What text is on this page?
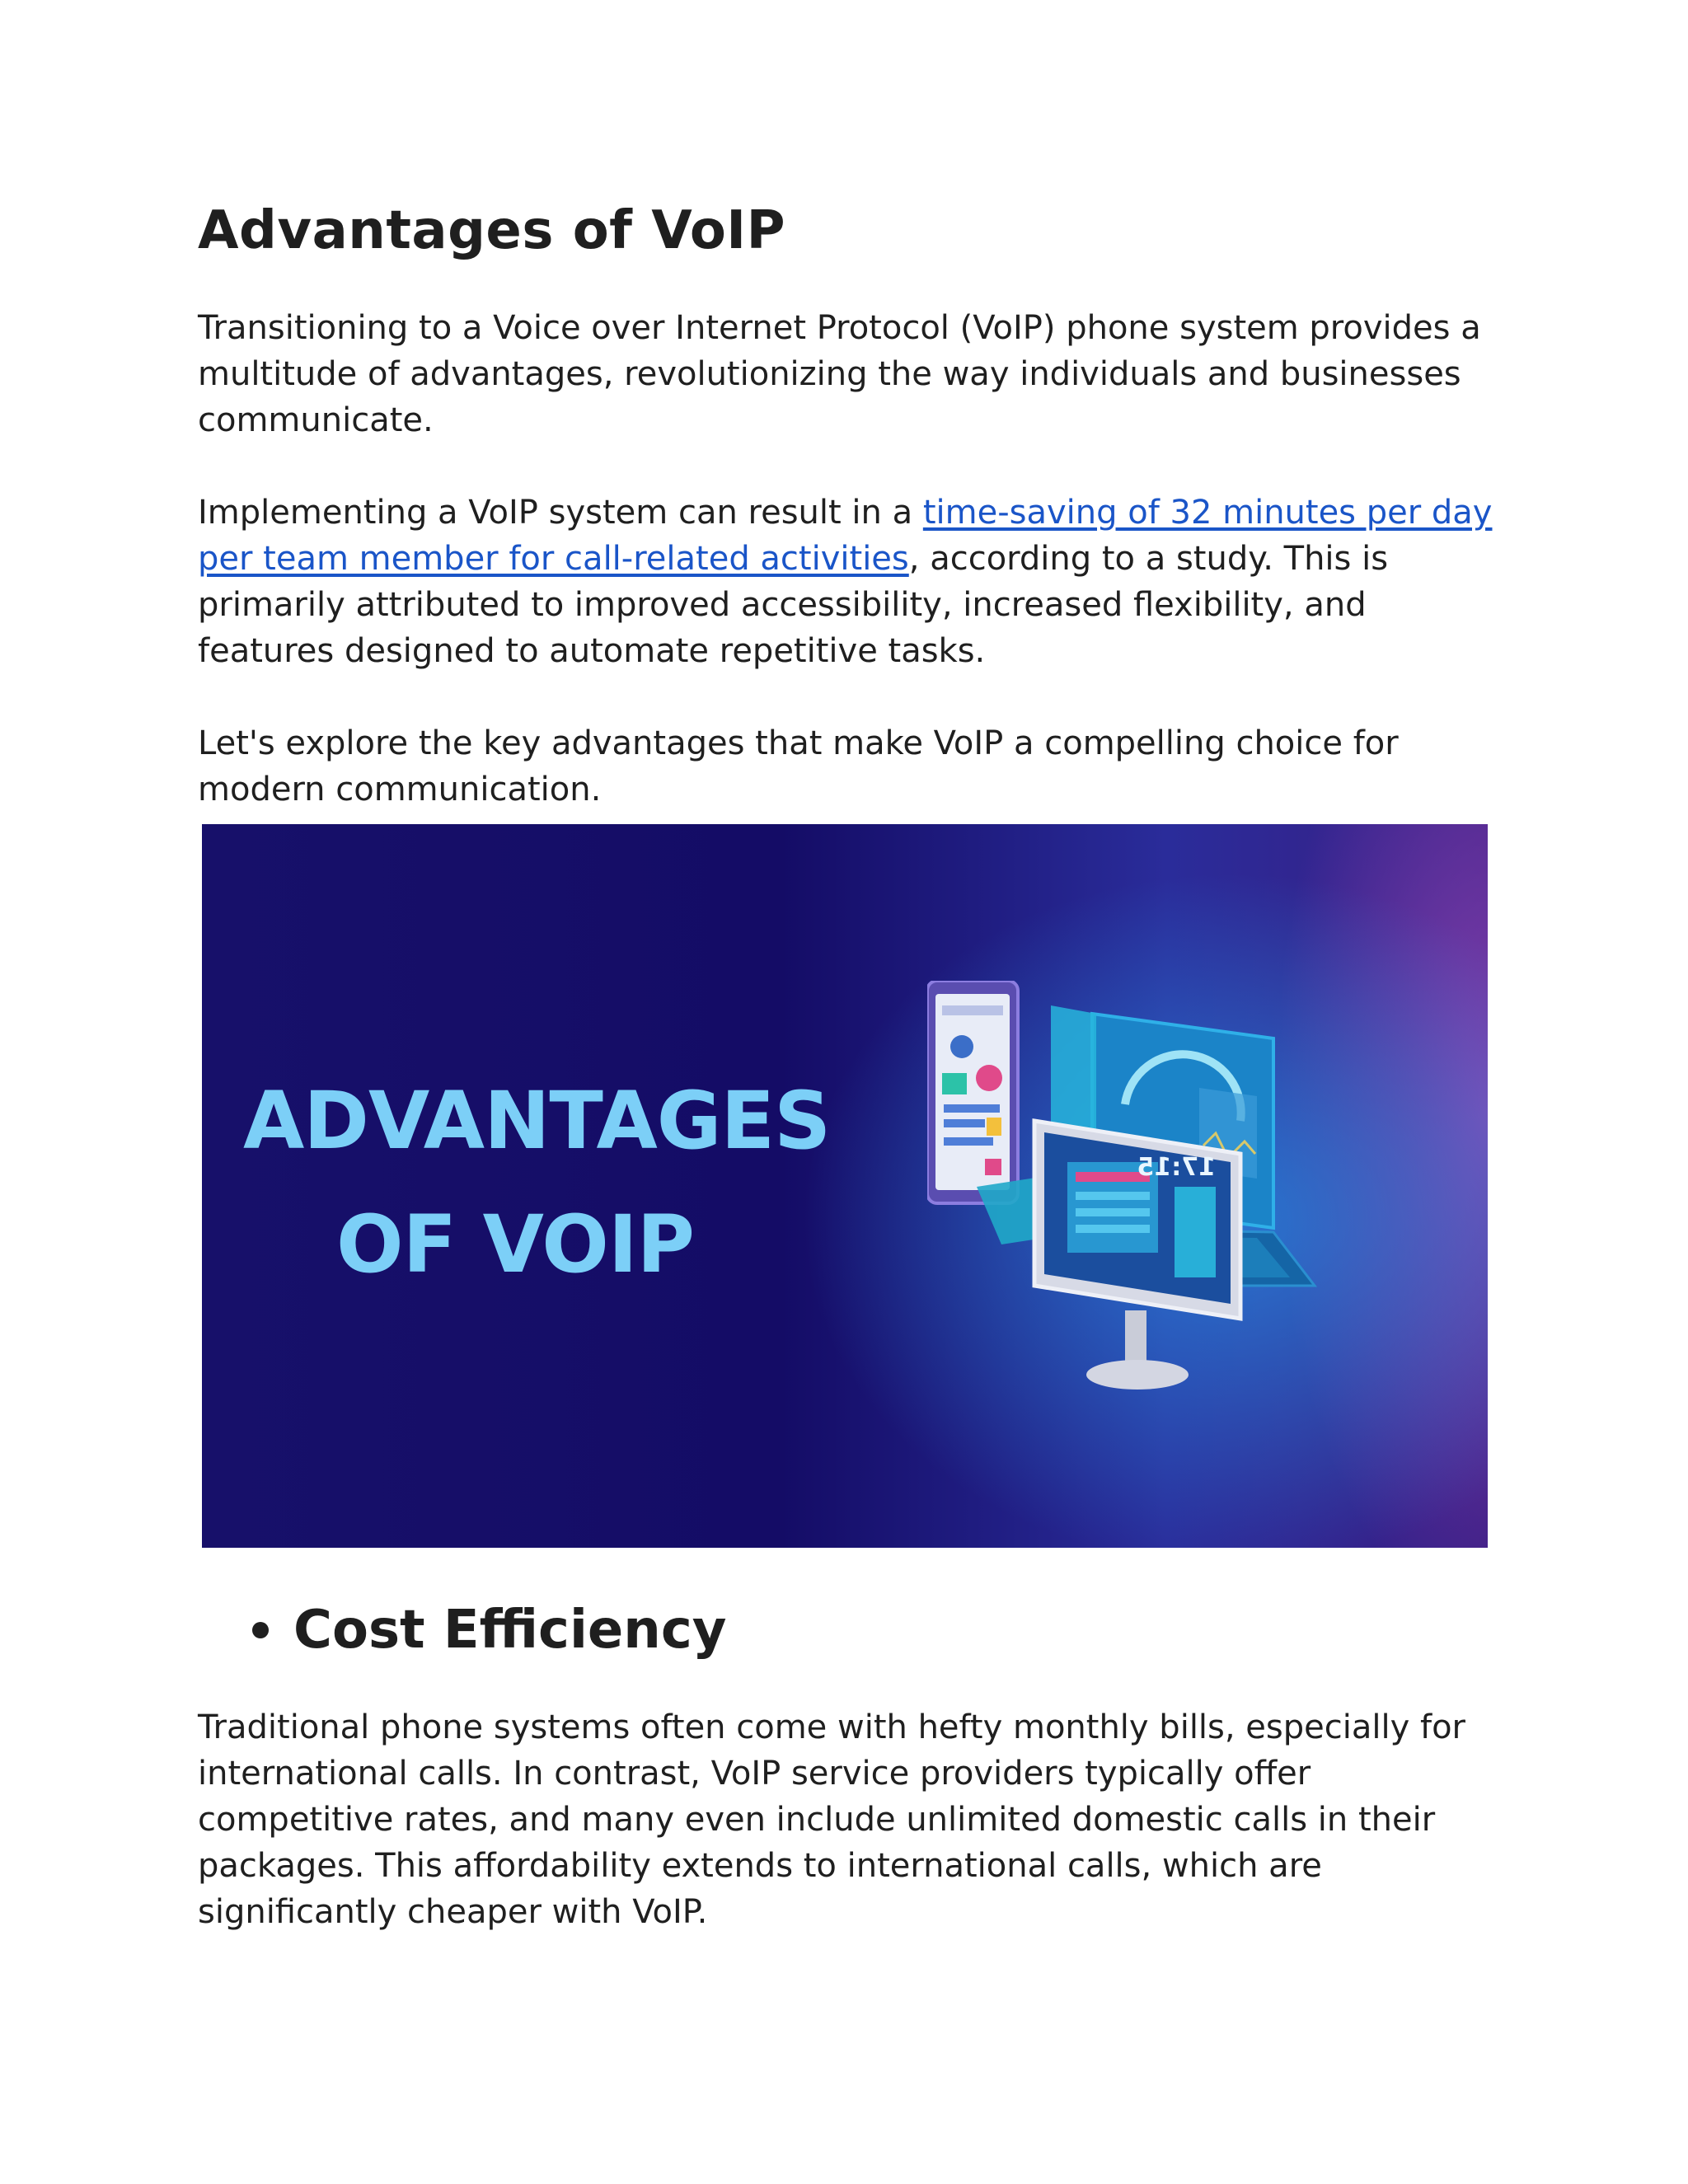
Advantages of VoIP

Transitioning to a Voice over Internet Protocol (VoIP) phone system provides a multitude of advantages, revolutionizing the way individuals and businesses communicate.

Implementing a VoIP system can result in a time-saving of 32 minutes per day per team member for call-related activities, according to a study. This is primarily attributed to improved accessibility, increased flexibility, and features designed to automate repetitive tasks.

Let's explore the key advantages that make VoIP a compelling choice for modern communication.

ADVANTAGES
OF VOIP
17:15
Cost Efficiency

Traditional phone systems often come with hefty monthly bills, especially for international calls. In contrast, VoIP service providers typically offer competitive rates, and many even include unlimited domestic calls in their packages. This affordability extends to international calls, which are significantly cheaper with VoIP.
